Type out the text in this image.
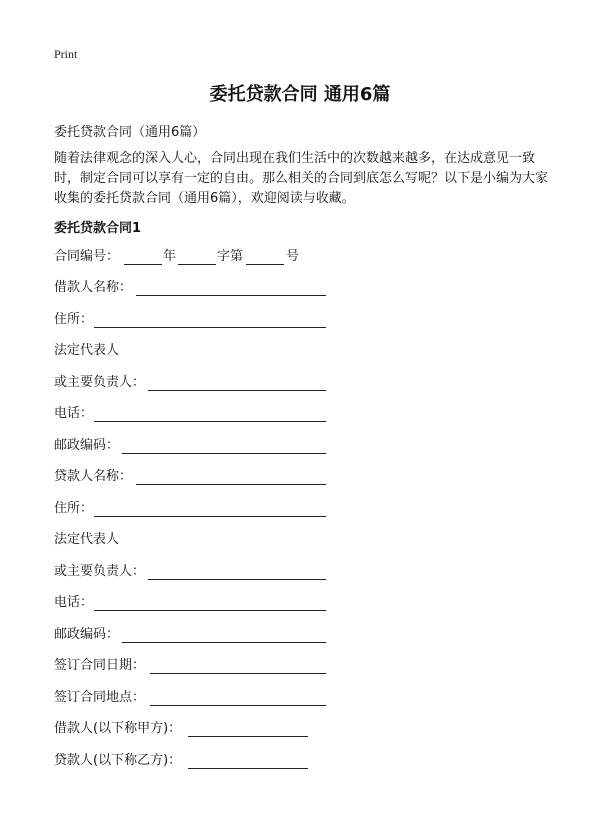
Print
委托贷款合同 通用6篇
委托贷款合同（通用6篇）

随着法律观念的深入人心，合同出现在我们生活中的次数越来越多，在达成意见一致时，制定合同可以享有一定的自由。那么相关的合同到底怎么写呢？以下是小编为大家收集的委托贷款合同（通用6篇），欢迎阅读与收藏。

委托贷款合同1
合同编号：	年	字第	号
借款人名称：
住所：
法定代表人
或主要负责人：
电话：
邮政编码：
贷款人名称：
住所：
法定代表人
或主要负责人：
电话：
邮政编码：
签订合同日期：
签订合同地点：
借款人(以下称甲方)：
贷款人(以下称乙方)：
